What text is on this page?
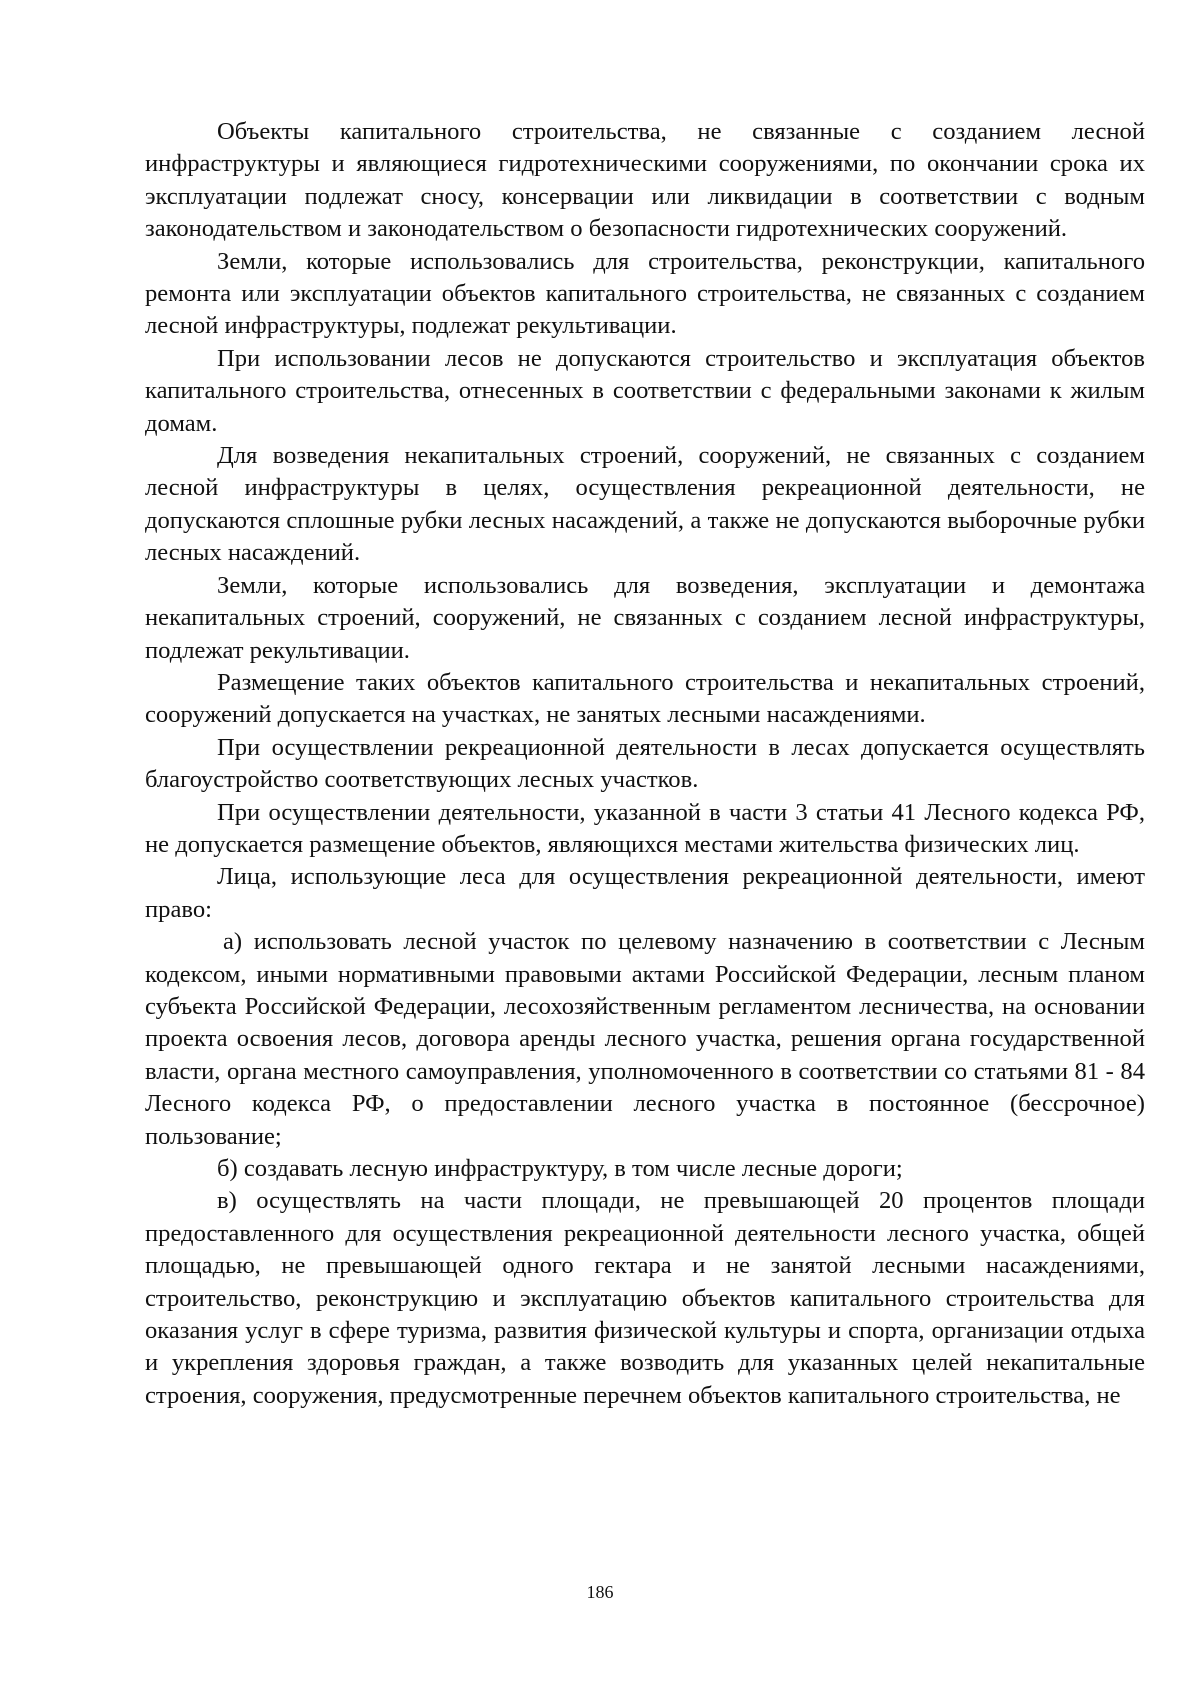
Объекты капитального строительства, не связанные с созданием лесной инфраструктуры и являющиеся гидротехническими сооружениями, по окончании срока их эксплуатации подлежат сносу, консервации или ликвидации в соответствии с водным законодательством и законодательством о безопасности гидротехнических сооружений.

Земли, которые использовались для строительства, реконструкции, капитального ремонта или эксплуатации объектов капитального строительства, не связанных с созданием лесной инфраструктуры, подлежат рекультивации.

При использовании лесов не допускаются строительство и эксплуатация объектов капитального строительства, отнесенных в соответствии с федеральными законами к жилым домам.

Для возведения некапитальных строений, сооружений, не связанных с созданием лесной инфраструктуры в целях, осуществления рекреационной деятельности, не допускаются сплошные рубки лесных насаждений, а также не допускаются выборочные рубки лесных насаждений.

Земли, которые использовались для возведения, эксплуатации и демонтажа некапитальных строений, сооружений, не связанных с созданием лесной инфраструктуры, подлежат рекультивации.

Размещение таких объектов капитального строительства и некапитальных строений, сооружений допускается на участках, не занятых лесными насаждениями.

При осуществлении рекреационной деятельности в лесах допускается осуществлять благоустройство соответствующих лесных участков.

При осуществлении деятельности, указанной в части 3 статьи 41 Лесного кодекса РФ, не допускается размещение объектов, являющихся местами жительства физических лиц.

Лица, использующие леса для осуществления рекреационной деятельности, имеют право:

а) использовать лесной участок по целевому назначению в соответствии с Лесным кодексом, иными нормативными правовыми актами Российской Федерации, лесным планом субъекта Российской Федерации, лесохозяйственным регламентом лесничества, на основании проекта освоения лесов, договора аренды лесного участка, решения органа государственной власти, органа местного самоуправления, уполномоченного в соответствии со статьями 81 - 84 Лесного кодекса РФ, о предоставлении лесного участка в постоянное (бессрочное) пользование;

б) создавать лесную инфраструктуру, в том числе лесные дороги;

в) осуществлять на части площади, не превышающей 20 процентов площади предоставленного для осуществления рекреационной деятельности лесного участка, общей площадью, не превышающей одного гектара и не занятой лесными насаждениями, строительство, реконструкцию и эксплуатацию объектов капитального строительства для оказания услуг в сфере туризма, развития физической культуры и спорта, организации отдыха и укрепления здоровья граждан, а также возводить для указанных целей некапитальные строения, сооружения, предусмотренные перечнем объектов капитального строительства, не

186
